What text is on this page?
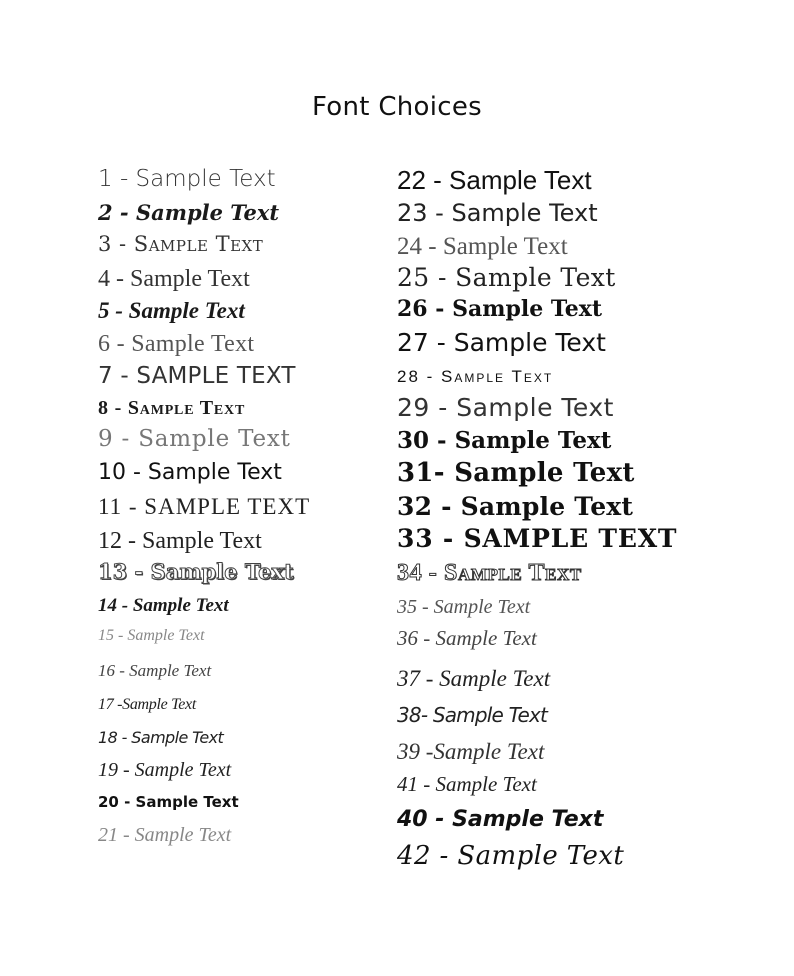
Font Choices
1 - Sample Text
2 - Sample Text
3 - Sample Text
4 - Sample Text
5 - Sample Text
6 - Sample Text
7 - SAMPLE TEXT
8 - Sample Text
9 - Sample Text
10 - Sample Text
11 - SAMPLE TEXT
12 - Sample Text
13 - Sample Text
14 - Sample Text
15 - Sample Text
16 - Sample Text
17 -Sample Text
18 - Sample Text
19 - Sample Text
20 - Sample Text
21 - Sample Text
22 - Sample Text
23 - Sample Text
24 - Sample Text
25 - Sample Text
26 - Sample Text
27 - Sample Text
28 - Sample Text
29 - Sample Text
30 - Sample Text
31- Sample Text
32 - Sample Text
33 - SAMPLE TEXT
34 - Sample Text
35 - Sample Text
36 - Sample Text
37 - Sample Text
38- Sample Text
39 -Sample Text
41 - Sample Text
40 - Sample Text
42 - Sample Text
